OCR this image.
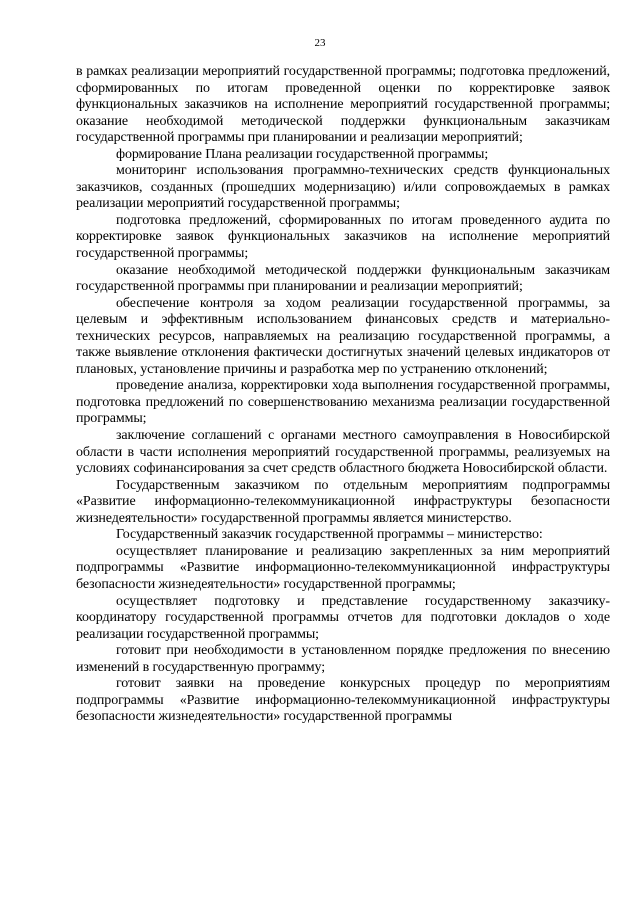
23

в рамках реализации мероприятий государственной программы; подготовка предложений, сформированных по итогам проведенной оценки по корректировке заявок функциональных заказчиков на исполнение мероприятий государственной программы; оказание необходимой методической поддержки функциональным заказчикам государственной программы при планировании и реализации мероприятий;

формирование Плана реализации государственной программы;

мониторинг использования программно-технических средств функциональных заказчиков, созданных (прошедших модернизацию) и/или сопровождаемых в рамках реализации мероприятий государственной программы;

подготовка предложений, сформированных по итогам проведенного аудита по корректировке заявок функциональных заказчиков на исполнение мероприятий государственной программы;

оказание необходимой методической поддержки функциональным заказчикам государственной программы при планировании и реализации мероприятий;

обеспечение контроля за ходом реализации государственной программы, за целевым и эффективным использованием финансовых средств и материально-технических ресурсов, направляемых на реализацию государственной программы, а также выявление отклонения фактически достигнутых значений целевых индикаторов от плановых, установление причины и разработка мер по устранению отклонений;

проведение анализа, корректировки хода выполнения государственной программы, подготовка предложений по совершенствованию механизма реализации государственной программы;

заключение соглашений с органами местного самоуправления в Новосибирской области в части исполнения мероприятий государственной программы, реализуемых на условиях софинансирования за счет средств областного бюджета Новосибирской области.

Государственным заказчиком по отдельным мероприятиям подпрограммы «Развитие информационно-телекоммуникационной инфраструктуры безопасности жизнедеятельности» государственной программы является министерство.

Государственный заказчик государственной программы – министерство:

осуществляет планирование и реализацию закрепленных за ним мероприятий подпрограммы «Развитие информационно-телекоммуникационной инфраструктуры безопасности жизнедеятельности» государственной программы;

осуществляет подготовку и представление государственному заказчику-координатору государственной программы отчетов для подготовки докладов о ходе реализации государственной программы;

готовит при необходимости в установленном порядке предложения по внесению изменений в государственную программу;

готовит заявки на проведение конкурсных процедур по мероприятиям подпрограммы «Развитие информационно-телекоммуникационной инфраструктуры безопасности жизнедеятельности» государственной программы
